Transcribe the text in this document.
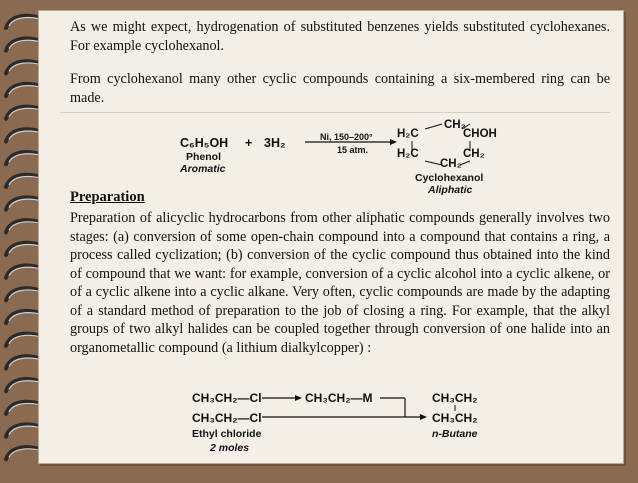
As we might expect, hydrogenation of substituted benzenes yields substituted cyclohexanes. For example cyclohexanol.
From cyclohexanol many other cyclic compounds containing a six-membered ring can be made.
C₆H₅OH + 3H₂	Ni, 150–200°
15 atm.
Phenol
Aromatic
CH₂
H₂C	CHOH
H₂C	CH₂
CH₂
Cyclohexanol
Aliphatic
Preparation
Preparation of alicyclic hydrocarbons from other aliphatic compounds generally involves two stages: (a) conversion of some open-chain compound into a compound that contains a ring, a process called cyclization; (b) conversion of the cyclic compound thus obtained into the kind of compound that we want: for example, conversion of a cyclic alcohol into a cyclic alkene, or of a cyclic alkene into a cyclic alkane. Very often, cyclic compounds are made by the adapting of a standard method of preparation to the job of closing a ring. For example, that the alkyl groups of two alkyl halides can be coupled together through conversion of one halide into an organometallic compound (a lithium dialkylcopper) :
CH₃CH₂—Cl
CH₃CH₂—Cl
CH₃CH₂—M	CH₃CH₂
CH₃CH₂
Ethyl chloride
2 moles
n-Butane
